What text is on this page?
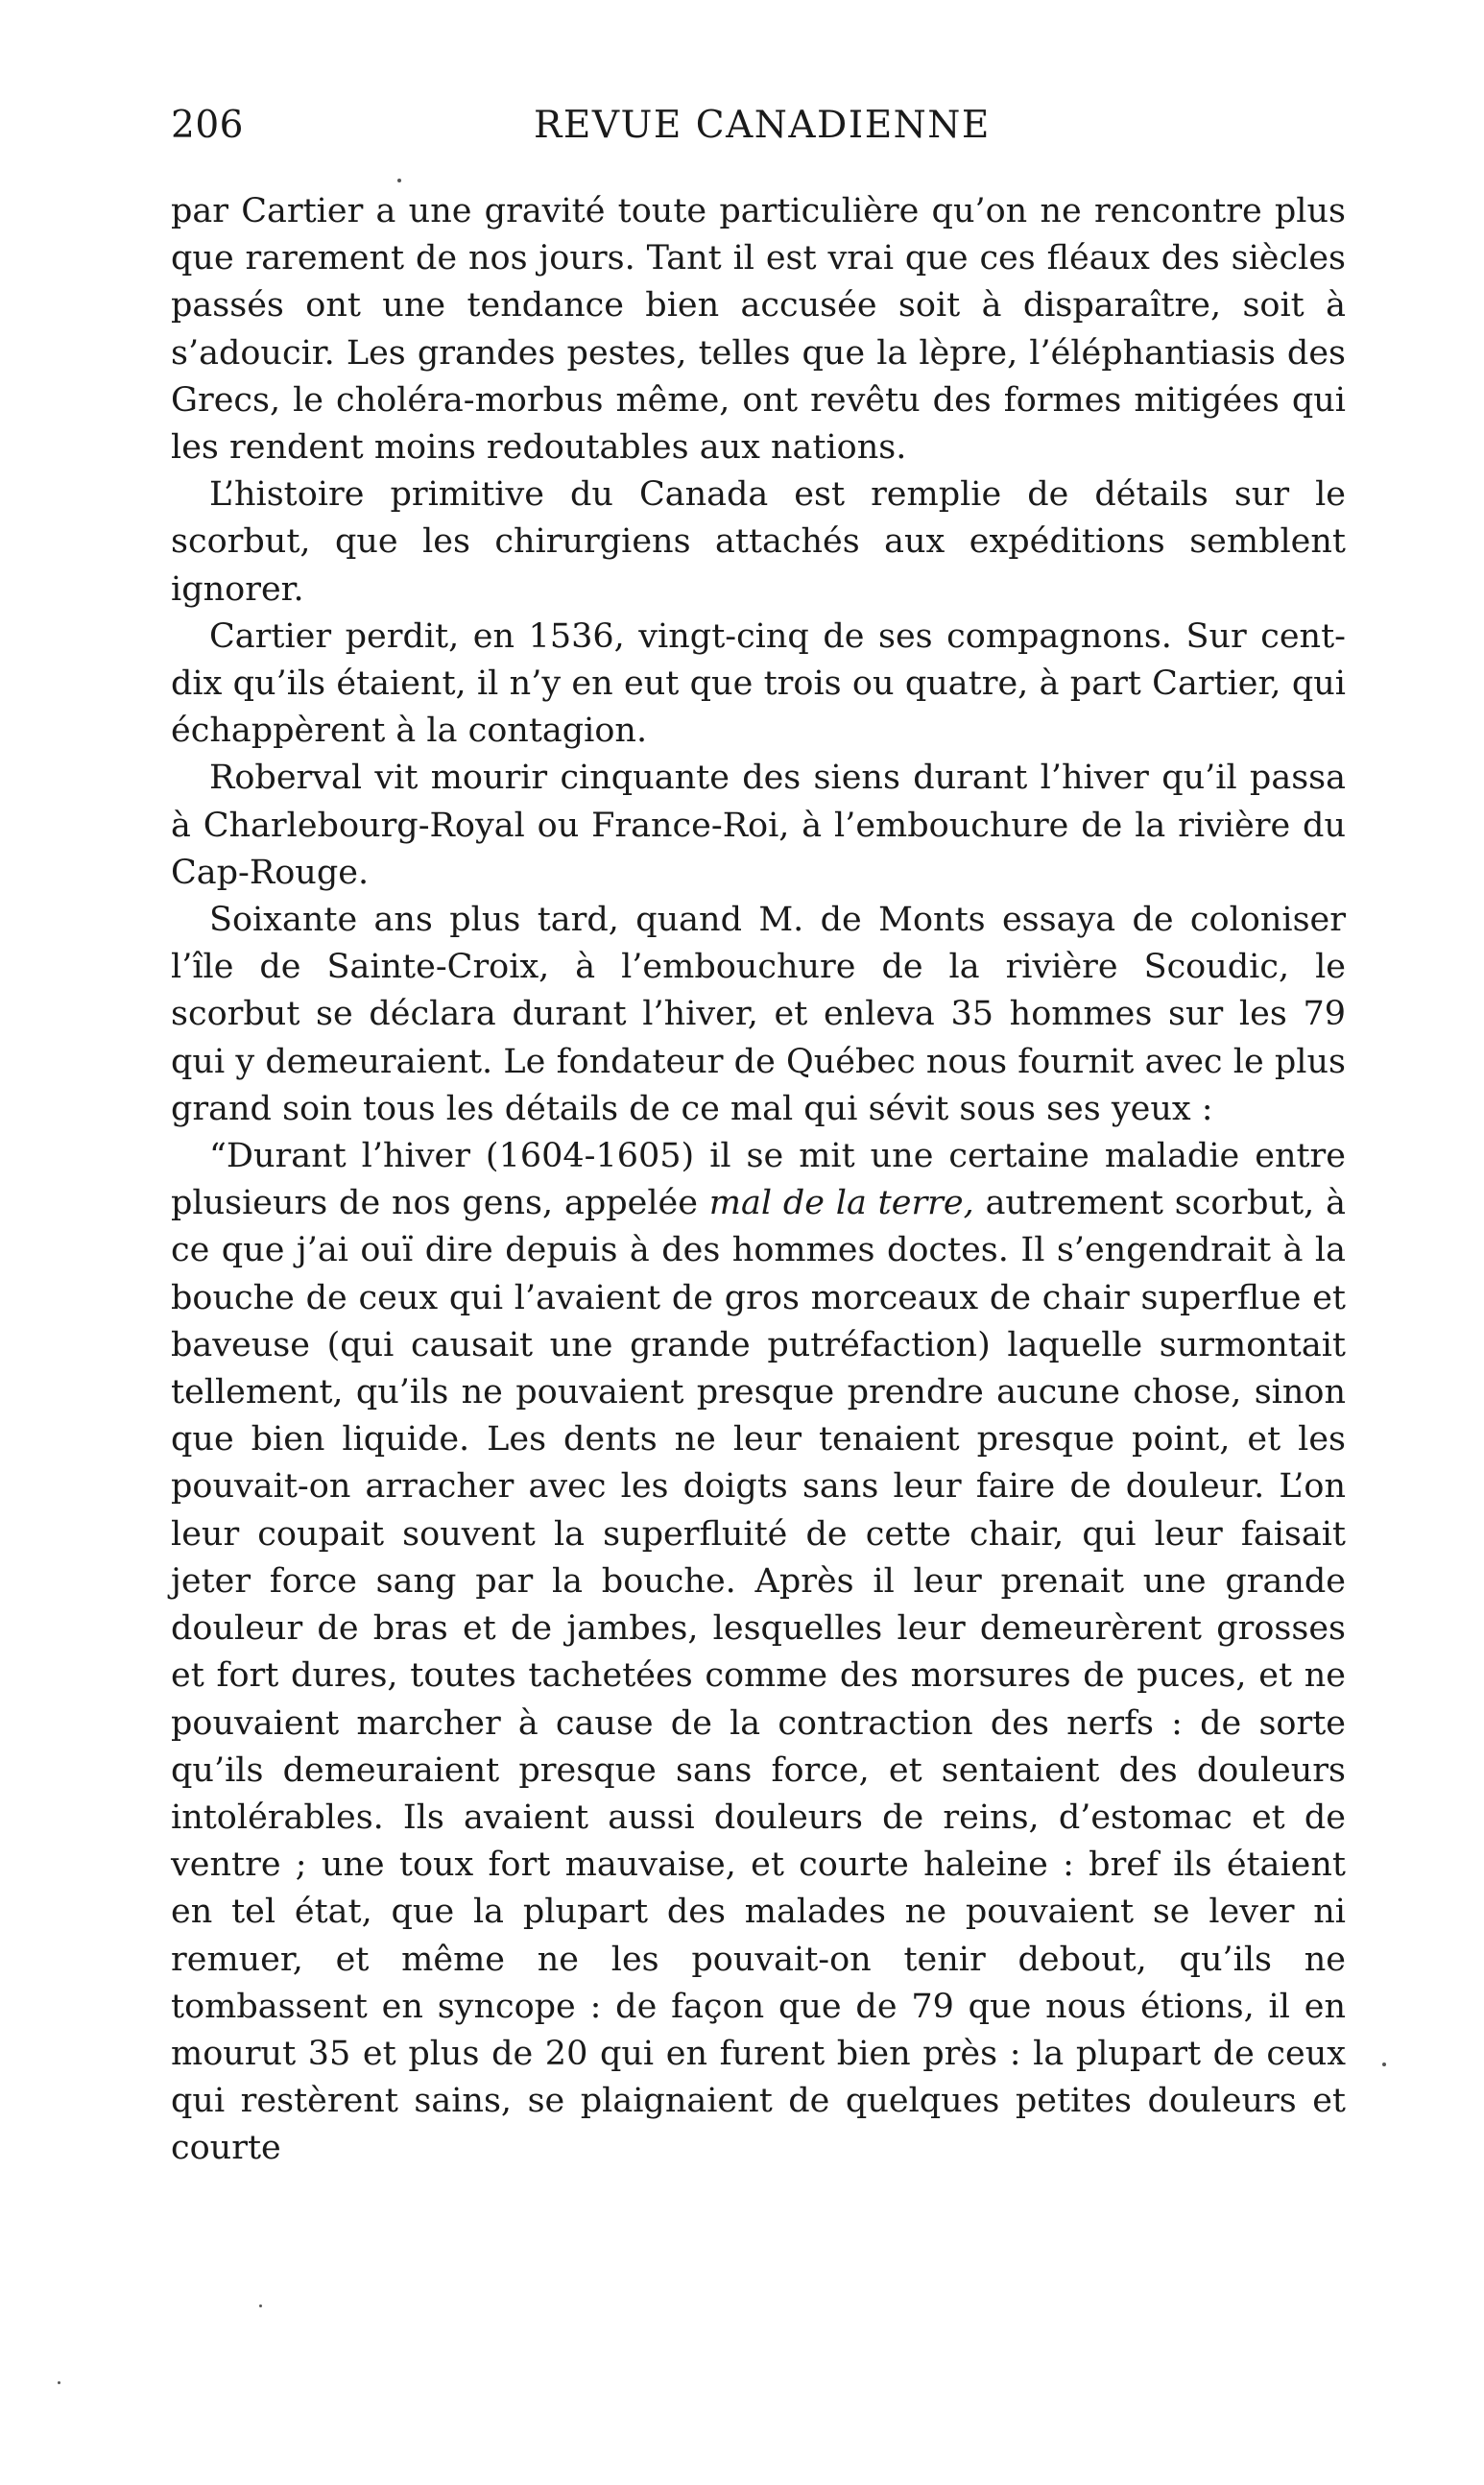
206	REVUE CANADIENNE

par Cartier a une gravité toute particulière qu’on ne rencontre plus que rarement de nos jours. Tant il est vrai que ces fléaux des siècles passés ont une tendance bien accusée soit à disparaître, soit à s’adoucir. Les grandes pestes, telles que la lèpre, l’éléphantiasis des Grecs, le choléra-morbus même, ont revêtu des formes mitigées qui les rendent moins redoutables aux nations.

L’histoire primitive du Canada est remplie de détails sur le scorbut, que les chirurgiens attachés aux expéditions semblent ignorer.

Cartier perdit, en 1536, vingt-cinq de ses compagnons. Sur cent-dix qu’ils étaient, il n’y en eut que trois ou quatre, à part Cartier, qui échappèrent à la contagion.

Roberval vit mourir cinquante des siens durant l’hiver qu’il passa à Charlebourg-Royal ou France-Roi, à l’embouchure de la rivière du Cap-Rouge.

Soixante ans plus tard, quand M. de Monts essaya de coloniser l’île de Sainte-Croix, à l’embouchure de la rivière Scoudic, le scorbut se déclara durant l’hiver, et enleva 35 hommes sur les 79 qui y demeuraient. Le fondateur de Québec nous fournit avec le plus grand soin tous les détails de ce mal qui sévit sous ses yeux :

“Durant l’hiver (1604-1605) il se mit une certaine maladie entre plusieurs de nos gens, appelée mal de la terre, autrement scorbut, à ce que j’ai ouï dire depuis à des hommes doctes. Il s’engendrait à la bouche de ceux qui l’avaient de gros morceaux de chair superflue et baveuse (qui causait une grande putréfaction) laquelle surmontait tellement, qu’ils ne pouvaient presque prendre aucune chose, sinon que bien liquide. Les dents ne leur tenaient presque point, et les pouvait-on arracher avec les doigts sans leur faire de douleur. L’on leur coupait souvent la superfluité de cette chair, qui leur faisait jeter force sang par la bouche. Après il leur prenait une grande douleur de bras et de jambes, lesquelles leur demeurèrent grosses et fort dures, toutes tachetées comme des morsures de puces, et ne pouvaient marcher à cause de la contraction des nerfs : de sorte qu’ils demeuraient presque sans force, et sentaient des douleurs intolérables. Ils avaient aussi douleurs de reins, d’estomac et de ventre ; une toux fort mauvaise, et courte haleine : bref ils étaient en tel état, que la plupart des malades ne pouvaient se lever ni remuer, et même ne les pouvait-on tenir debout, qu’ils ne tombassent en syncope : de façon que de 79 que nous étions, il en mourut 35 et plus de 20 qui en furent bien près : la plupart de ceux qui restèrent sains, se plaignaient de quelques petites douleurs et courte
